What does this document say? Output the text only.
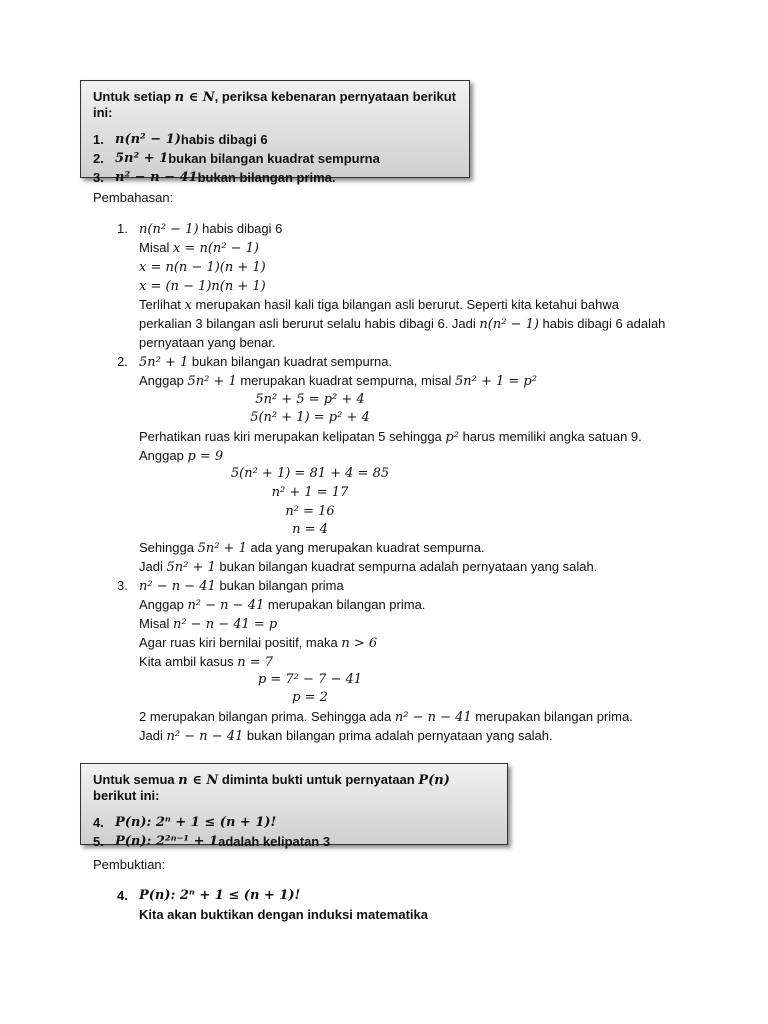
Untuk setiap n ∈ N, periksa kebenaran pernyataan berikut ini:
1. n(n² − 1) habis dibagi 6
2. 5n² + 1 bukan bilangan kuadrat sempurna
3. n² − n − 41 bukan bilangan prima.
Pembahasan:
1. n(n² − 1) habis dibagi 6
Misal x = n(n² − 1)
x = n(n − 1)(n + 1)
x = (n − 1)n(n + 1)
Terlihat x merupakan hasil kali tiga bilangan asli berurut. Seperti kita ketahui bahwa
perkalian 3 bilangan asli berurut selalu habis dibagi 6. Jadi n(n² − 1) habis dibagi 6 adalah
pernyataan yang benar.
2. 5n² + 1 bukan bilangan kuadrat sempurna.
Anggap 5n² + 1 merupakan kuadrat sempurna, misal 5n² + 1 = p²
5n² + 5 = p² + 4
5(n² + 1) = p² + 4
Perhatikan ruas kiri merupakan kelipatan 5 sehingga p² harus memiliki angka satuan 9.
Anggap p = 9
5(n² + 1) = 81 + 4 = 85
n² + 1 = 17
n² = 16
n = 4
Sehingga 5n² + 1 ada yang merupakan kuadrat sempurna.
Jadi 5n² + 1 bukan bilangan kuadrat sempurna adalah pernyataan yang salah.
3. n² − n − 41 bukan bilangan prima
Anggap n² − n − 41 merupakan bilangan prima.
Misal n² − n − 41 = p
Agar ruas kiri bernilai positif, maka n > 6
Kita ambil kasus n = 7
p = 7² − 7 − 41
p = 2
2 merupakan bilangan prima. Sehingga ada n² − n − 41 merupakan bilangan prima.
Jadi n² − n − 41 bukan bilangan prima adalah pernyataan yang salah.
Untuk semua n ∈ N diminta bukti untuk pernyataan P(n) berikut ini:
4. P(n): 2ⁿ + 1 ≤ (n + 1)!
5. P(n): 2²ⁿ⁻¹ + 1 adalah kelipatan 3
Pembuktian:
4. P(n): 2ⁿ + 1 ≤ (n + 1)!
Kita akan buktikan dengan induksi matematika
